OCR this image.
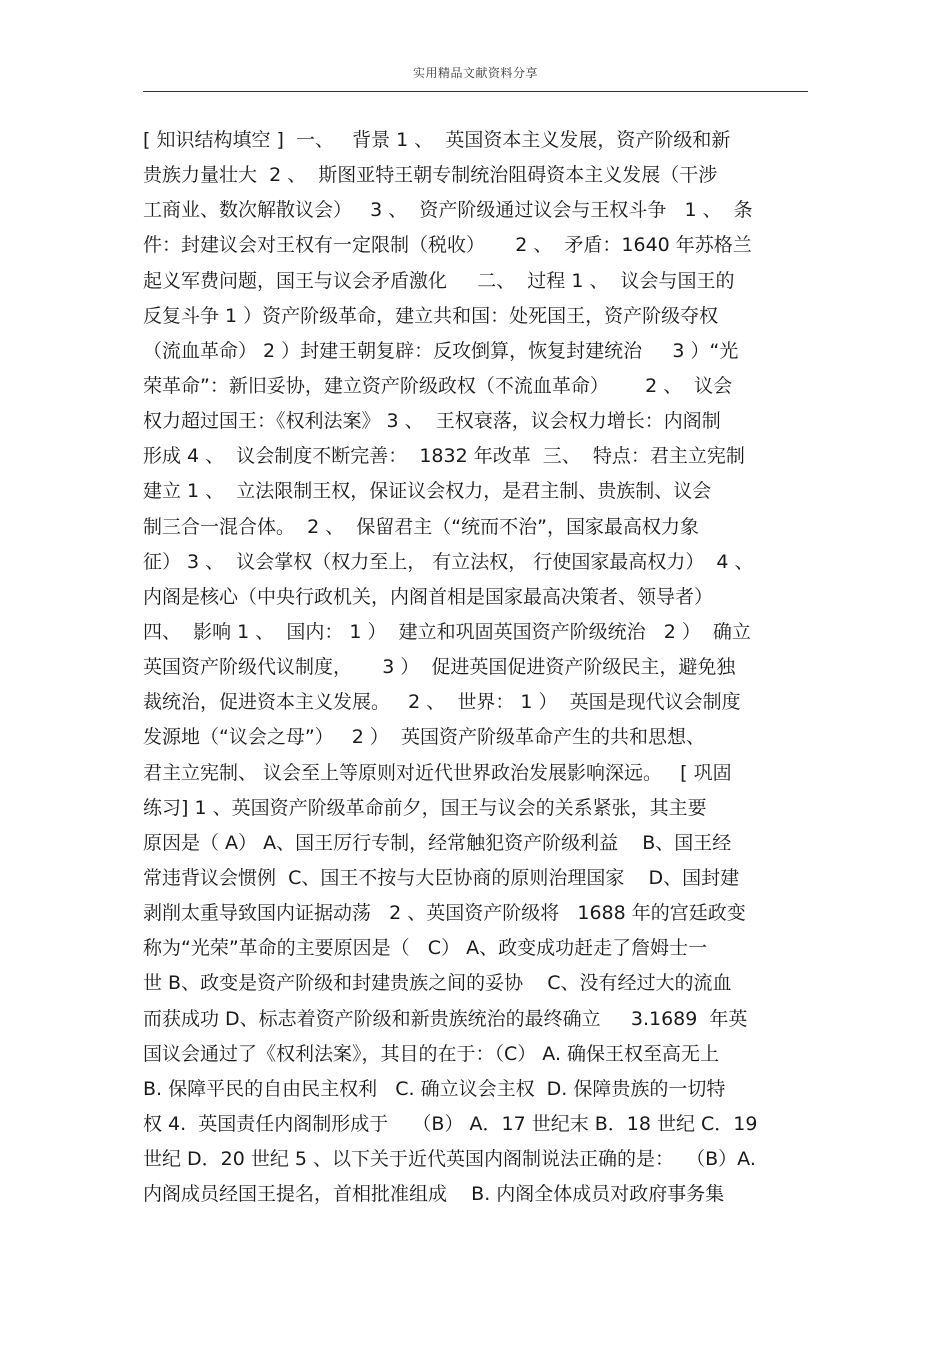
实用精品文献资料分享
[ 知识结构填空 ]  一、   背景 1 、  英国资本主义发展，资产阶级和新
贵族力量壮大  2 、  斯图亚特王朝专制统治阻碍资本主义发展（干涉
工商业、数次解散议会）   3 、  资产阶级通过议会与王权斗争   1 、  条
件：封建议会对王权有一定限制（税收）     2 、  矛盾：1640 年苏格兰
起义军费问题，国王与议会矛盾激化     二、  过程 1 、  议会与国王的
反复斗争 1 ）资产阶级革命，建立共和国：处死国王，资产阶级夺权
（流血革命） 2 ）封建王朝复辟：反攻倒算，恢复封建统治     3 ）“光
荣革命”：新旧妥协，建立资产阶级政权（不流血革命）      2 、  议会
权力超过国王：《权利法案》 3 、  王权衰落，议会权力增长：内阁制
形成 4 、  议会制度不断完善：  1832 年改革  三、  特点：君主立宪制
建立 1 、  立法限制王权，保证议会权力，是君主制、贵族制、议会
制三合一混合体。  2 、  保留君主（“统而不治”，国家最高权力象
征） 3 、  议会掌权（权力至上， 有立法权， 行使国家最高权力）  4 、
内阁是核心（中央行政机关，内阁首相是国家最高决策者、领导者）
四、  影响 1 、  国内： 1 ）  建立和巩固英国资产阶级统治   2 ）  确立
英国资产阶级代议制度，     3 ）  促进英国促进资产阶级民主，避免独
裁统治，促进资本主义发展。   2 、  世界： 1 ）  英国是现代议会制度
发源地（“议会之母”）   2 ）  英国资产阶级革命产生的共和思想、
君主立宪制、 议会至上等原则对近代世界政治发展影响深远。   [ 巩固
练习] 1 、英国资产阶级革命前夕，国王与议会的关系紧张，其主要
原因是（ A） A、国王厉行专制，经常触犯资产阶级利益    B、国王经
常违背议会惯例  C、国王不按与大臣协商的原则治理国家    D、国封建
剥削太重导致国内证据动荡   2 、英国资产阶级将   1688 年的宫廷政变
称为“光荣”革命的主要原因是（   C） A、政变成功赶走了詹姆士一
世 B、政变是资产阶级和封建贵族之间的妥协    C、没有经过大的流血
而获成功 D、标志着资产阶级和新贵族统治的最终确立     3.1689  年英
国议会通过了《权利法案》，其目的在于：（C） A. 确保王权至高无上
B. 保障平民的自由民主权利   C. 确立议会主权  D. 保障贵族的一切特
权 4.  英国责任内阁制形成于    （B） A．17 世纪末 B．18 世纪 C．19
世纪 D．20 世纪 5 、以下关于近代英国内阁制说法正确的是：  （B）A.
内阁成员经国王提名，首相批准组成    B. 内阁全体成员对政府事务集
